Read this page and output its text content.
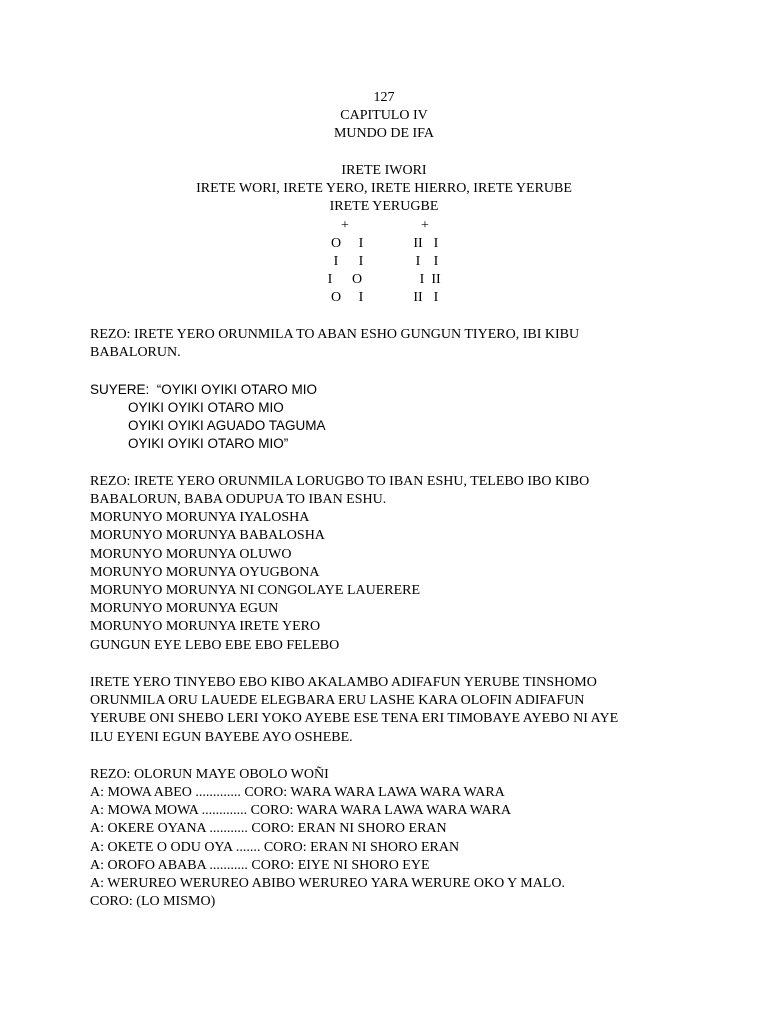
127
CAPITULO IV
MUNDO DE IFA
IRETE IWORI
IRETE WORI, IRETE YERO, IRETE HIERRO, IRETE YERUBE
IRETE YERUGBE
+	+
O	I	II I
I	I	I I
I	O	I II
O	I	II I
REZO: IRETE YERO ORUNMILA TO ABAN ESHO GUNGUN TIYERO, IBI KIBU
BABALORUN.
SUYERE:  “OYIKI OYIKI OTARO MIO
OYIKI OYIKI OTARO MIO
OYIKI OYIKI AGUADO TAGUMA
OYIKI OYIKI OTARO MIO”
REZO: IRETE YERO ORUNMILA LORUGBO TO IBAN ESHU, TELEBO IBO KIBO
BABALORUN, BABA ODUPUA TO IBAN ESHU.
MORUNYO MORUNYA IYALOSHA
MORUNYO MORUNYA BABALOSHA
MORUNYO MORUNYA OLUWO
MORUNYO MORUNYA OYUGBONA
MORUNYO MORUNYA NI CONGOLAYE LAUERERE
MORUNYO MORUNYA EGUN
MORUNYO MORUNYA IRETE YERO
GUNGUN EYE LEBO EBE EBO FELEBO
IRETE YERO TINYEBO EBO KIBO AKALAMBO ADIFAFUN YERUBE TINSHOMO
ORUNMILA ORU LAUEDE ELEGBARA ERU LASHE KARA OLOFIN ADIFAFUN
YERUBE ONI SHEBO LERI YOKO AYEBE ESE TENA ERI TIMOBAYE AYEBO NI AYE
ILU EYENI EGUN BAYEBE AYO OSHEBE.
REZO: OLORUN MAYE OBOLO WOÑI
A: MOWA ABEO ............. CORO: WARA WARA LAWA WARA WARA
A: MOWA MOWA ............. CORO: WARA WARA LAWA WARA WARA
A: OKERE OYANA ........... CORO: ERAN NI SHORO ERAN
A: OKETE O ODU OYA ....... CORO: ERAN NI SHORO ERAN
A: OROFO ABABA ........... CORO: EIYE NI SHORO EYE
A: WERUREO WERUREO ABIBO WERUREO YARA WERURE OKO Y MALO.
CORO: (LO MISMO)
